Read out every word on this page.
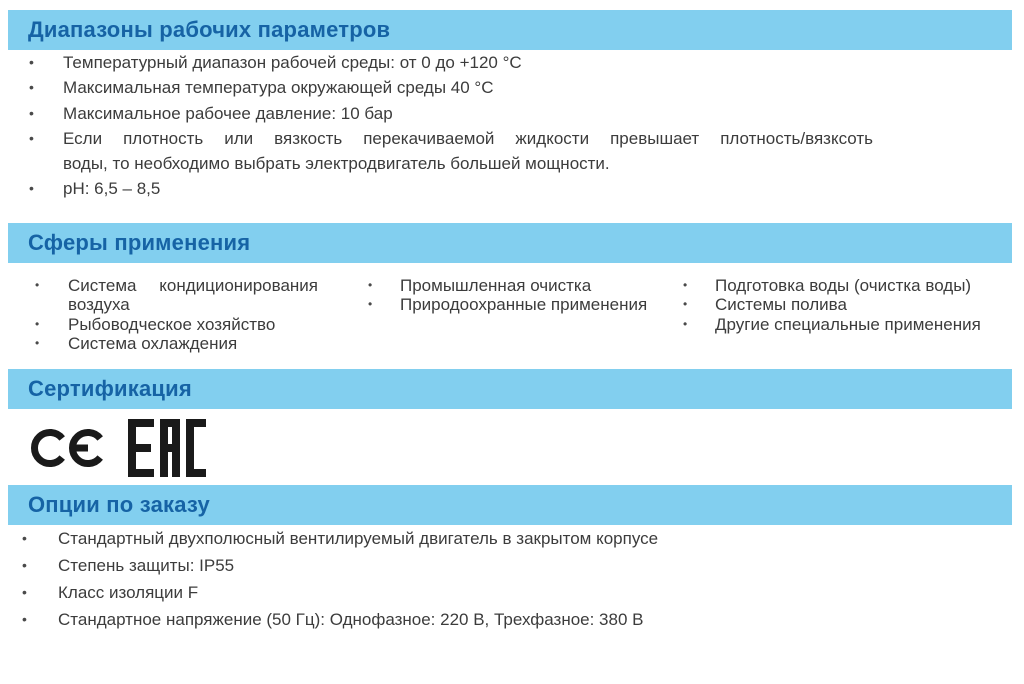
Диапазоны рабочих параметров
• Температурный диапазон рабочей среды: от 0 до +120 °C
• Максимальная температура окружающей среды 40 °C
• Максимальное рабочее давление: 10 бар
• Если плотность или вязкость перекачиваемой жидкости превышает плотность/вязксоть
воды, то необходимо выбрать электродвигатель большей мощности.
• pH: 6,5 – 8,5
Сферы применения
• Система кондиционирования
воздуха
• Рыбоводческое хозяйство
• Система охлаждения
• Промышленная очистка
• Природоохранные применения
• Подготовка воды (очистка воды)
• Системы полива
• Другие специальные применения
Сертификация
Опции по заказу
• Стандартный двухполюсный вентилируемый двигатель в закрытом корпусе
• Степень защиты: IP55
• Класс изоляции F
• Стандартное напряжение (50 Гц): Однофазное: 220 В, Трехфазное: 380 В
